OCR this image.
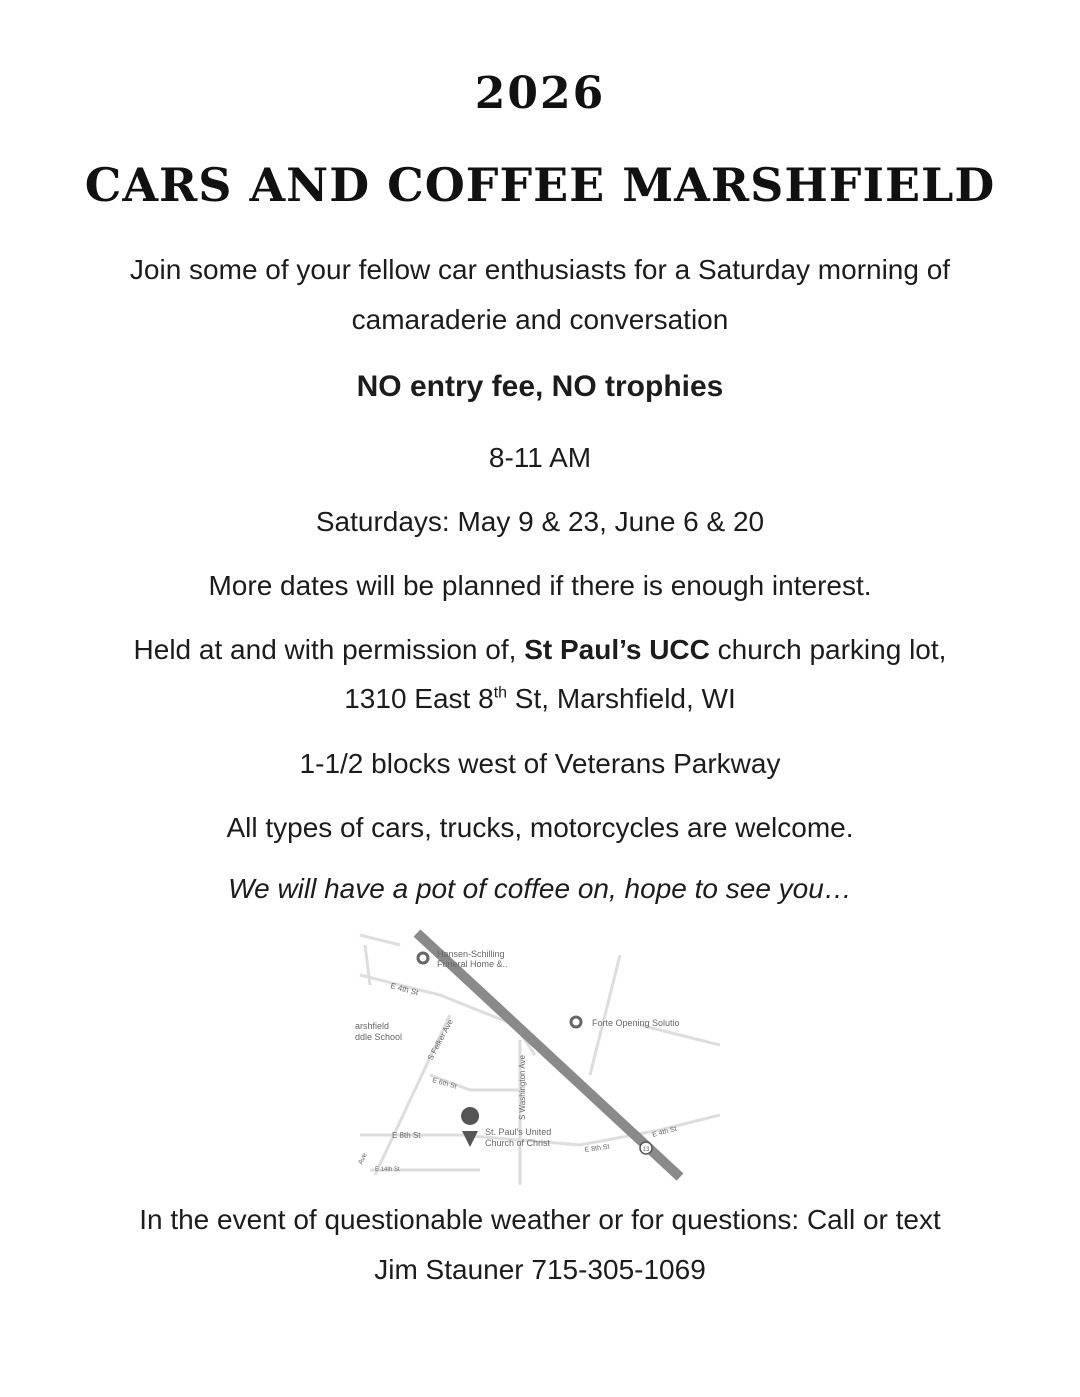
2026
CARS AND COFFEE MARSHFIELD
Join some of your fellow car enthusiasts for a Saturday morning of
camaraderie and conversation
NO entry fee, NO trophies
8-11 AM
Saturdays: May 9 & 23, June 6 & 20
More dates will be planned if there is enough interest.
Held at and with permission of, St Paul’s UCC church parking lot,
1310 East 8th St, Marshfield, WI
1-1/2 blocks west of Veterans Parkway
All types of cars, trucks, motorcycles are welcome.
We will have a pot of coffee on, hope to see you…
Hansen-Schilling
Funeral Home &..
Forte Opening Solutio
arshfield
ddle School
E 4th St
S Felker Ave
E 6th St	S Washington Ave
E 8th St
E 8th St
E 4th St
Ave
E 14th St
St. Paul's United
Church of Christ
13
In the event of questionable weather or for questions: Call or text
Jim Stauner 715-305-1069
